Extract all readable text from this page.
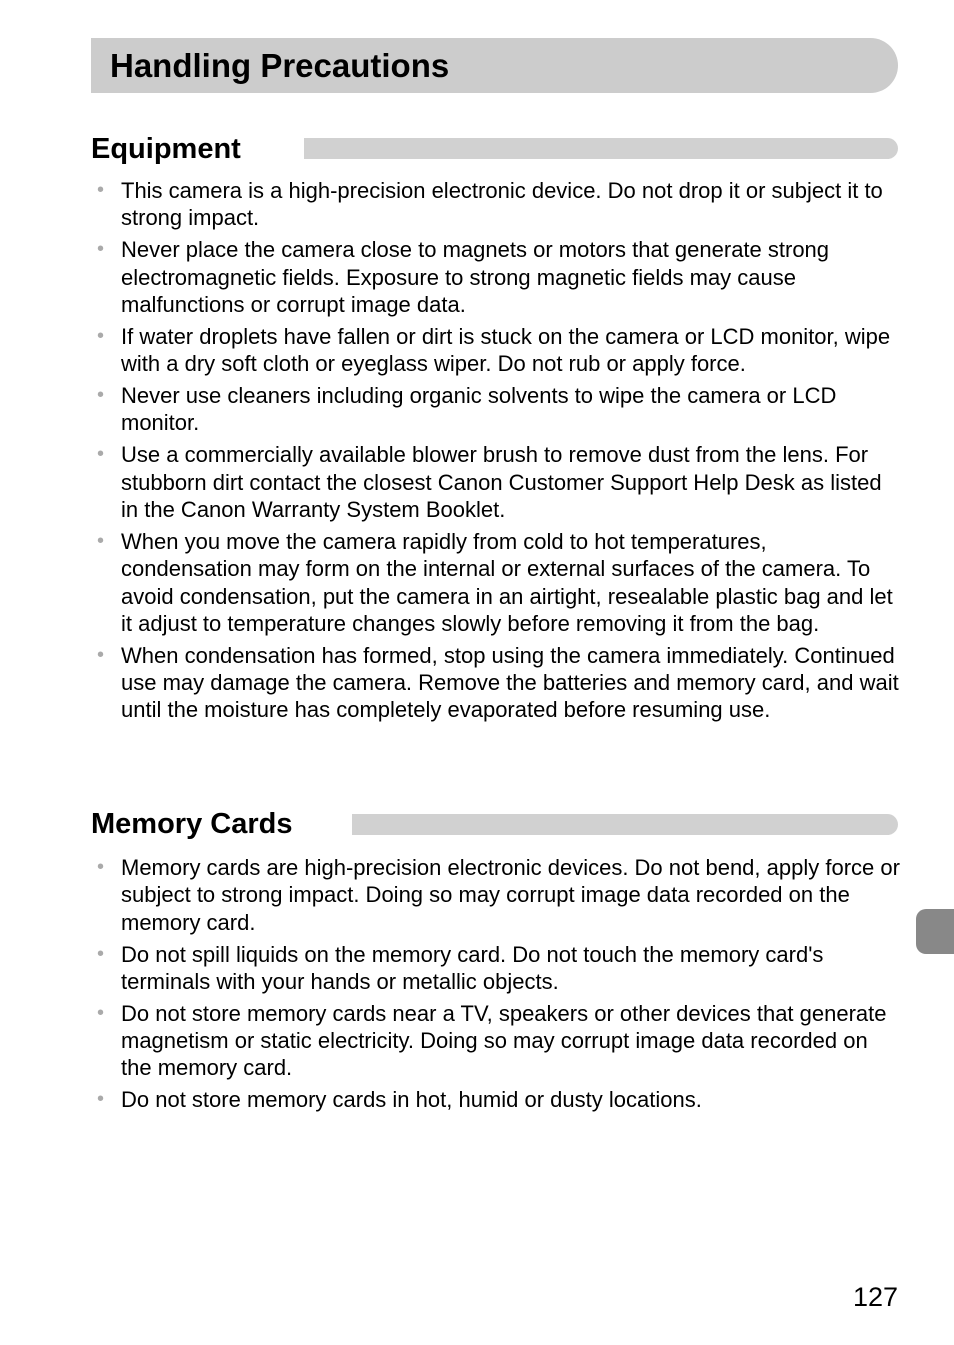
Handling Precautions
Equipment
• This camera is a high-precision electronic device. Do not drop it or subject it to strong impact.
• Never place the camera close to magnets or motors that generate strong electromagnetic fields. Exposure to strong magnetic fields may cause malfunctions or corrupt image data.
• If water droplets have fallen or dirt is stuck on the camera or LCD monitor, wipe with a dry soft cloth or eyeglass wiper. Do not rub or apply force.
• Never use cleaners including organic solvents to wipe the camera or LCD monitor.
• Use a commercially available blower brush to remove dust from the lens. For stubborn dirt contact the closest Canon Customer Support Help Desk as listed in the Canon Warranty System Booklet.
• When you move the camera rapidly from cold to hot temperatures, condensation may form on the internal or external surfaces of the camera. To avoid condensation, put the camera in an airtight, resealable plastic bag and let it adjust to temperature changes slowly before removing it from the bag.
• When condensation has formed, stop using the camera immediately. Continued use may damage the camera. Remove the batteries and memory card, and wait until the moisture has completely evaporated before resuming use.
Memory Cards
• Memory cards are high-precision electronic devices. Do not bend, apply force or subject to strong impact. Doing so may corrupt image data recorded on the memory card.
• Do not spill liquids on the memory card. Do not touch the memory card's terminals with your hands or metallic objects.
• Do not store memory cards near a TV, speakers or other devices that generate magnetism or static electricity. Doing so may corrupt image data recorded on the memory card.
• Do not store memory cards in hot, humid or dusty locations.
127
